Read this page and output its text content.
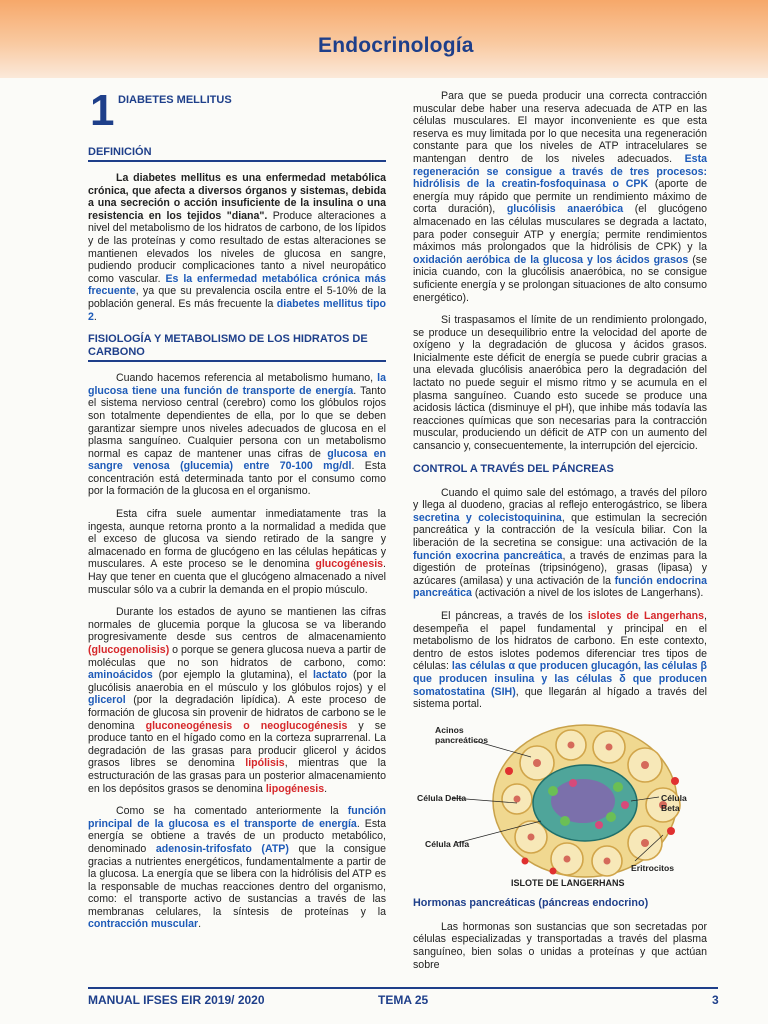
Endocrinología
1 DIABETES MELLITUS
DEFINICIÓN

La diabetes mellitus es una enfermedad metabólica crónica, que afecta a diversos órganos y sistemas, debida a una secreción o acción insuficiente de la insulina o una resistencia en los tejidos "diana". Produce alteraciones a nivel del metabolismo de los hidratos de carbono, de los lípidos y de las proteínas y como resultado de estas alteraciones se mantienen elevados los niveles de glucosa en sangre, pudiendo producir complicaciones tanto a nivel neuropático como vascular. Es la enfermedad metabólica crónica más frecuente, ya que su prevalencia oscila entre el 5-10% de la población general. Es más frecuente la diabetes mellitus tipo 2.

FISIOLOGÍA Y METABOLISMO DE LOS HIDRATOS DE CARBONO

Cuando hacemos referencia al metabolismo humano, la glucosa tiene una función de transporte de energía. Tanto el sistema nervioso central (cerebro) como los glóbulos rojos son totalmente dependientes de ella, por lo que se deben garantizar siempre unos niveles adecuados de glucosa en el plasma sanguíneo. Cualquier persona con un metabolismo normal es capaz de mantener unas cifras de glucosa en sangre venosa (glucemia) entre 70-100 mg/dl. Esta concentración está determinada tanto por el consumo como por la formación de la glucosa en el organismo.

Esta cifra suele aumentar inmediatamente tras la ingesta, aunque retorna pronto a la normalidad a medida que el exceso de glucosa va siendo retirado de la sangre y almacenado en forma de glucógeno en las células hepáticas y musculares. A este proceso se le denomina glucogénesis. Hay que tener en cuenta que el glucógeno almacenado a nivel muscular sólo va a cubrir la demanda en el propio músculo.

Durante los estados de ayuno se mantienen las cifras normales de glucemia porque la glucosa se va liberando progresivamente desde sus centros de almacenamiento (glucogenolisis) o porque se genera glucosa nueva a partir de moléculas que no son hidratos de carbono, como: aminoácidos (por ejemplo la glutamina), el lactato (por la glucólisis anaerobia en el músculo y los glóbulos rojos) y el glicerol (por la degradación lipídica). A este proceso de formación de glucosa sin provenir de hidratos de carbono se le denomina gluconeogénesis o neoglucogénesis y se produce tanto en el hígado como en la corteza suprarrenal. La degradación de las grasas para producir glicerol y ácidos grasos libres se denomina lipólisis, mientras que la estructuración de las grasas para un posterior almacenamiento en los depósitos grasos se denomina lipogénesis.

Como se ha comentado anteriormente la función principal de la glucosa es el transporte de energía. Esta energía se obtiene a través de un producto metabólico, denominado adenosin-trifosfato (ATP) que la consigue gracias a nutrientes energéticos, fundamentalmente a partir de la glucosa. La energía que se libera con la hidrólisis del ATP es la responsable de muchas reacciones dentro del organismo, como: el transporte activo de sustancias a través de las membranas celulares, la síntesis de proteínas y la contracción muscular.

Para que se pueda producir una correcta contracción muscular debe haber una reserva adecuada de ATP en las células musculares. El mayor inconveniente es que esta reserva es muy limitada por lo que necesita una regeneración constante para que los niveles de ATP intracelulares se mantengan dentro de los niveles adecuados. Esta regeneración se consigue a través de tres procesos: hidrólisis de la creatin-fosfoquinasa o CPK (aporte de energía muy rápido que permite un rendimiento máximo de corta duración), glucólisis anaeróbica (el glucógeno almacenado en las células musculares se degrada a lactato, para poder conseguir ATP y energía; permite rendimientos máximos más prolongados que la hidrólisis de CPK) y la oxidación aeróbica de la glucosa y los ácidos grasos (se inicia cuando, con la glucólisis anaeróbica, no se consigue suficiente energía y se prolongan situaciones de alto consumo energético).

Si traspasamos el límite de un rendimiento prolongado, se produce un desequilibrio entre la velocidad del aporte de oxígeno y la degradación de glucosa y ácidos grasos. Inicialmente este déficit de energía se puede cubrir gracias a una elevada glucólisis anaeróbica pero la degradación del lactato no puede seguir el mismo ritmo y se acumula en el plasma sanguíneo. Cuando esto sucede se produce una acidosis láctica (disminuye el pH), que inhibe más todavía las reacciones químicas que son necesarias para la contracción muscular, produciendo un déficit de ATP con un aumento del cansancio y, consecuentemente, la interrupción del ejercicio.

CONTROL A TRAVÉS DEL PÁNCREAS

Cuando el quimo sale del estómago, a través del píloro y llega al duodeno, gracias al reflejo enterogástrico, se libera secretina y colecistoquinina, que estimulan la secreción pancreática y la contracción de la vesícula biliar. Con la liberación de la secretina se consigue: una activación de la función exocrina pancreática, a través de enzimas para la digestión de proteínas (tripsinógeno), grasas (lipasa) y azúcares (amilasa) y una activación de la función endocrina pancreática (activación a nivel de los islotes de Langerhans).

El páncreas, a través de los islotes de Langerhans, desempeña el papel fundamental y principal en el metabolismo de los hidratos de carbono. En este contexto, dentro de estos islotes podemos diferenciar tres tipos de células: las células α que producen glucagón, las células β que producen insulina y las células δ que producen somatostatina (SIH), que llegarán al hígado a través del sistema portal.

Acinos pancreáticos
Célula Delta	Célula Beta
Célula Alfa
Eritrocitos
ISLOTE DE LANGERHANS
Hormonas pancreáticas (páncreas endocrino)

Las hormonas son sustancias que son secretadas por células especializadas y transportadas a través del plasma sanguíneo, bien solas o unidas a proteínas y que actúan sobre

MANUAL IFSES EIR 2019/ 2020	TEMA 25	3
